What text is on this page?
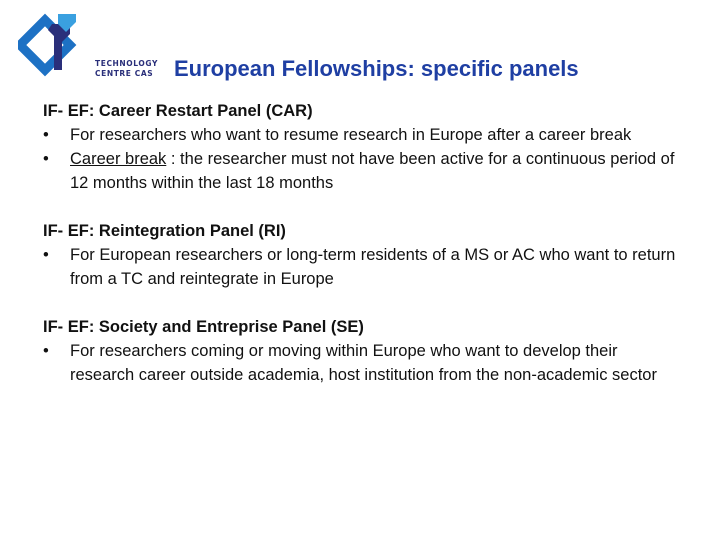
TECHNOLOGY
CENTRE CAS European Fellowships: specific panels
IF- EF: Career Restart Panel (CAR)
•	For researchers who want to resume research in Europe after a career break
•	Career break : the researcher must not have been active for a continuous period of 12 months within the last 18 months
IF- EF: Reintegration Panel (RI)
•	For European researchers or long-term residents of a MS or AC who want to return from a TC and reintegrate in Europe
IF- EF: Society and Entreprise Panel (SE)
•	For researchers coming or moving within Europe who want to develop their research career outside academia, host institution from the non-academic sector
